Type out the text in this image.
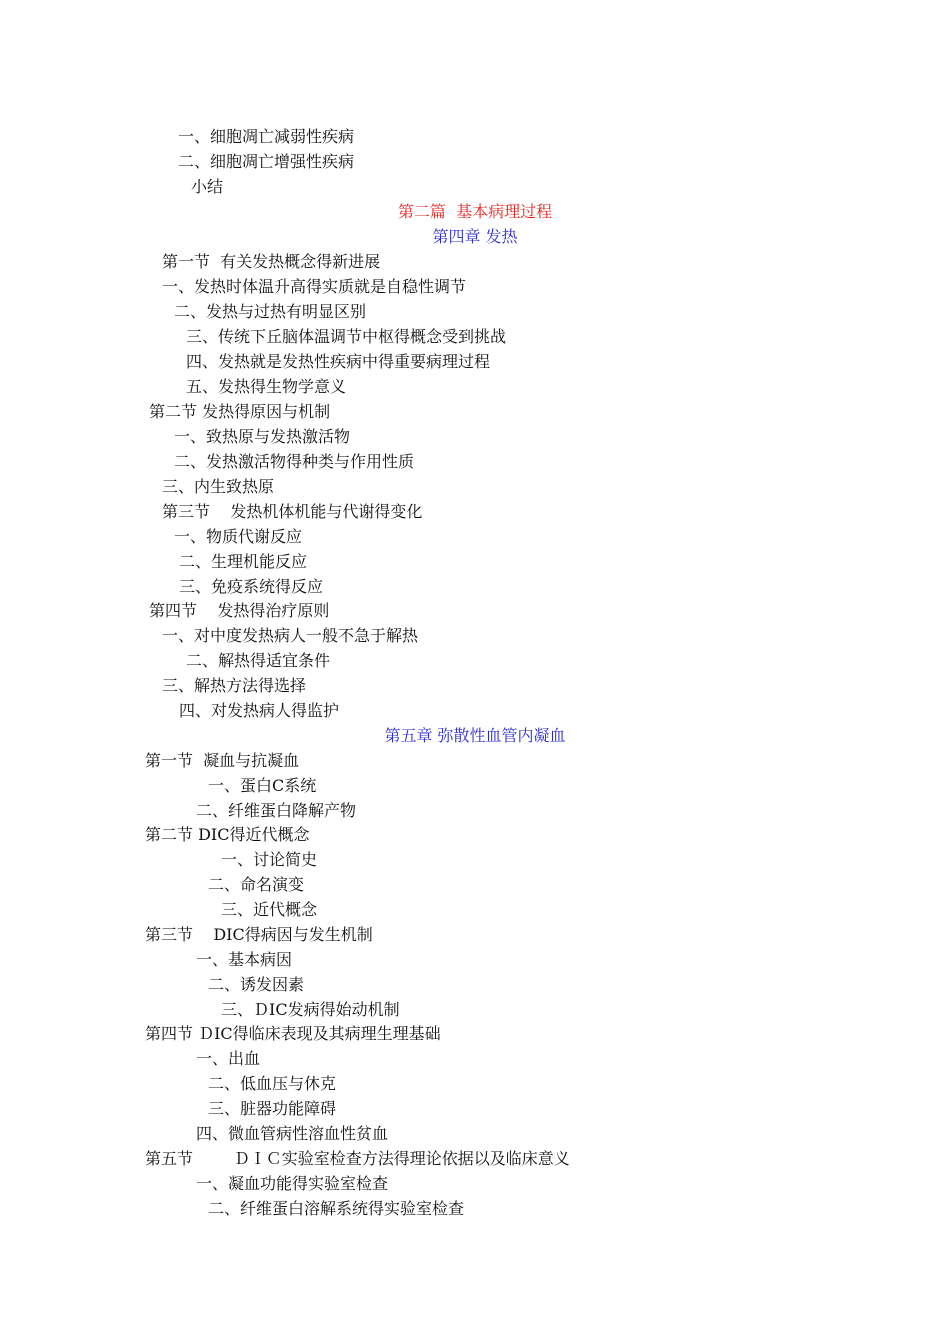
一、细胞凋亡减弱性疾病
二、细胞凋亡增强性疾病
小结
第二篇  基本病理过程
第四章 发热
第一节  有关发热概念得新进展
一、发热时体温升高得实质就是自稳性调节
二、发热与过热有明显区别
三、传统下丘脑体温调节中枢得概念受到挑战
四、发热就是发热性疾病中得重要病理过程
五、发热得生物学意义
第二节 发热得原因与机制
一、致热原与发热激活物
二、发热激活物得种类与作用性质
三、内生致热原
第三节    发热机体机能与代谢得变化
一、物质代谢反应
二、生理机能反应
三、免疫系统得反应
第四节    发热得治疗原则
一、对中度发热病人一般不急于解热
二、解热得适宜条件
三、解热方法得选择
四、对发热病人得监护
第五章 弥散性血管内凝血
第一节  凝血与抗凝血
一、蛋白C系统
二、纤维蛋白降解产物
第二节 DIC得近代概念
一、讨论简史
二、命名演变
三、近代概念
第三节    DIC得病因与发生机制
一、基本病因
二、诱发因素
三、ＤIC发病得始动机制
第四节 ＤIC得临床表现及其病理生理基础
一、出血
二、低血压与休克
三、脏器功能障碍
四、微血管病性溶血性贫血
第五节        ＤＩＣ实验室检查方法得理论依据以及临床意义
一、凝血功能得实验室检查
二、纤维蛋白溶解系统得实验室检查
